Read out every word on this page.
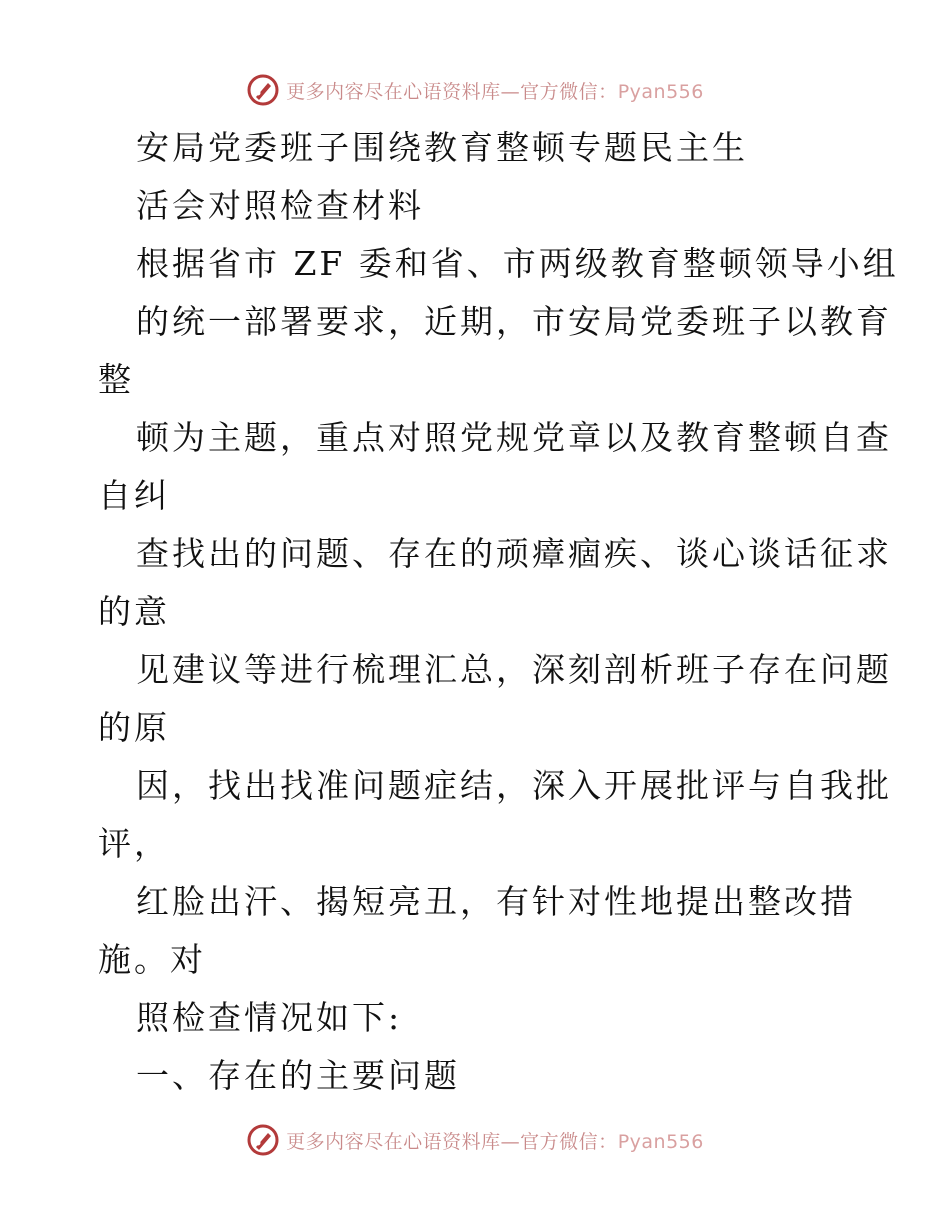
更多内容尽在心语资料库—官方微信：Pyan556
安局党委班子围绕教育整顿专题民主生
活会对照检查材料
根据省市 ZF 委和省、市两级教育整顿领导小组
的统一部署要求，近期，市安局党委班子以教育
整
顿为主题，重点对照党规党章以及教育整顿自查
自纠
查找出的问题、存在的顽瘴痼疾、谈心谈话征求
的意
见建议等进行梳理汇总，深刻剖析班子存在问题
的原
因，找出找准问题症结，深入开展批评与自我批
评，
红脸出汗、揭短亮丑，有针对性地提出整改措
施。对
照检查情况如下:
一、存在的主要问题
更多内容尽在心语资料库—官方微信：Pyan556
